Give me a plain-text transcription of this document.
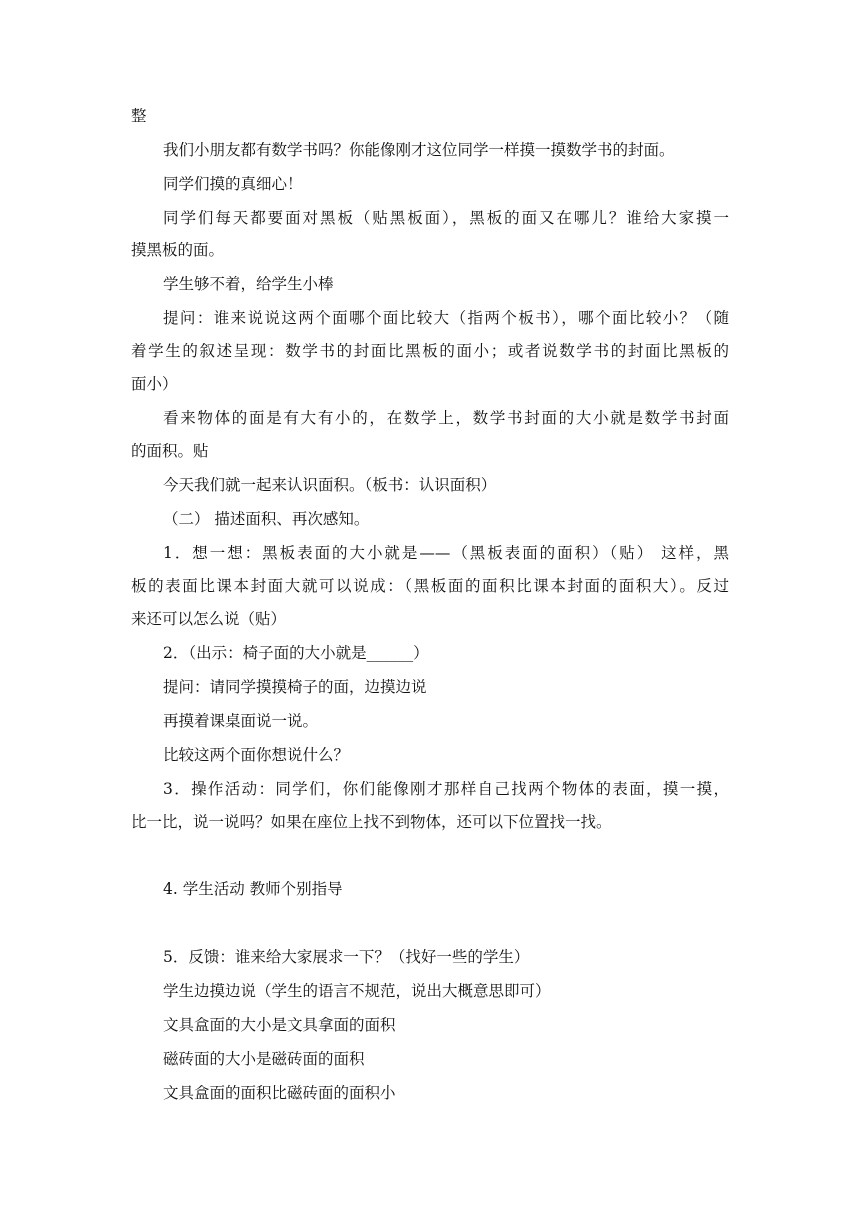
整
我们小朋友都有数学书吗？你能像刚才这位同学一样摸一摸数学书的封面。
同学们摸的真细心！
同学们每天都要面对黑板（贴黑板面），黑板的面又在哪儿？谁给大家摸一
摸黑板的面。
学生够不着，给学生小棒
提问：谁来说说这两个面哪个面比较大（指两个板书），哪个面比较小？（随
着学生的叙述呈现：数学书的封面比黑板的面小；或者说数学书的封面比黑板的
面小）
看来物体的面是有大有小的，在数学上，数学书封面的大小就是数学书封面
的面积。贴
今天我们就一起来认识面积。（板书：认识面积）
（二） 描述面积、再次感知。
1．想一想：黑板表面的大小就是——（黑板表面的面积）（贴） 这样，黑
板的表面比课本封面大就可以说成：（黑板面的面积比课本封面的面积大）。反过
来还可以怎么说（贴）
2．（出示：椅子面的大小就是______）
提问：请同学摸摸椅子的面，边摸边说
再摸着课桌面说一说。
比较这两个面你想说什么？
3．操作活动：同学们，你们能像刚才那样自己找两个物体的表面，摸一摸，
比一比，说一说吗？如果在座位上找不到物体，还可以下位置找一找。
4. 学生活动 教师个别指导
5．反馈：谁来给大家展求一下？（找好一些的学生）
学生边摸边说（学生的语言不规范，说出大概意思即可）
文具盒面的大小是文具拿面的面积
磁砖面的大小是磁砖面的面积
文具盒面的面积比磁砖面的面积小
